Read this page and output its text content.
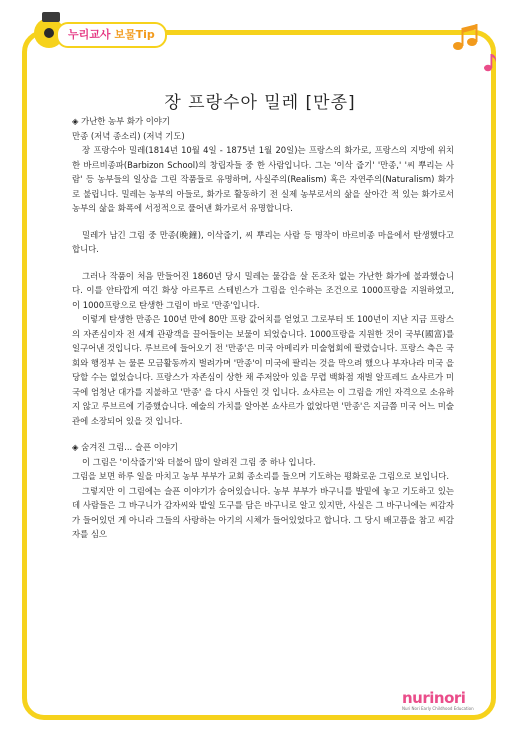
누리교사 보물Tip
장 프랑수아 밀레 [만종]

◈ 가난한 농부 화가 이야기

만종 (저녁 종소리) (저녁 기도)

장 프랑수아 밀레(1814년 10월 4일 - 1875년 1월 20일)는 프랑스의 화가로, 프랑스의 지방에 위치한 바르비종파(Barbizon School)의 창립자들 중 한 사람입니다. 그는 '이삭 줍기' '만종,' '씨 뿌리는 사람' 등 농부들의 일상을 그린 작품들로 유명하며, 사실주의(Realism) 혹은 자연주의(Naturalism) 화가로 불립니다. 밀레는 농부의 아들로, 화가로 활동하기 전 실제 농부로서의 삶을 살아간 적 있는 화가로서 농부의 삶을 화폭에 서정적으로 풀어낸 화가로서 유명합니다.

밀레가 남긴 그림 중 만종(晩鐘), 이삭줍기, 씨 뿌리는 사람 등 명작이 바르비종 마을에서 탄생했다고 합니다.

그러나 작품이 처음 만들어진 1860년 당시 밀레는 물감을 살 돈조차 없는 가난한 화가에 불과했습니다. 이를 안타깝게 여긴 화상 아르투르 스테빈스가 그림을 인수하는 조건으로 1000프랑을 지원하였고, 이 1000프랑으로 탄생한 그림이 바로 '만종'입니다.

이렇게 탄생한 만종은 100년 만에 80만 프랑 값어치를 얻었고 그로부터 또 100년이 지난 지금 프랑스의 자존심이자 전 세계 관광객을 끌어들이는 보물이 되었습니다. 1000프랑을 지원한 것이 국부(國富)를 일구어낸 것입니다. 루브르에 들어오기 전 '만종'은 미국 아메리카 미술협회에 팔렸습니다. 프랑스 측은 국회와 행정부 는 물론 모금활동까지 벌려가며 '만종'이 미국에 팔리는 것을 막으려 했으나 부자나라 미국 을 당할 수는 없었습니다. 프랑스가 자존심이 상한 채 주저앉아 있을 무렵 백화점 재벌 알프레드 쇼샤르가 미국에 엄청난 대가를 지불하고 '만종' 을 다시 사들인 것 입니다. 쇼샤르는 이 그림을 개인 자격으로 소유하지 않고 루브르에 기증했습니다. 예술의 가치를 알아본 쇼샤르가 없었다면 '만종'은 지금쯤 미국 어느 미술관에 소장되어 있을 것 입니다.

◈ 숨겨진 그림... 슬픈 이야기

이 그림은 '이삭줍기'와 더불어 많이 알려진 그림 중 하나 입니다.

그림을 보면 하루 일을 마치고 농부 부부가 교회 종소리를 들으며 기도하는 평화로운 그림으로 보입니다.

그렇지만 이 그림에는 슬픈 이야기가 숨어있습니다. 농부 부부가 바구니를 발밑에 놓고 기도하고 있는데 사람들은 그 바구니가 감자씨와 밭일 도구를 담은 바구니로 알고 있지만, 사실은 그 바구니에는 씨감자가 들어있던 게 아니라 그들의 사랑하는 아기의 시체가 들어있었다고 합니다. 그 당시 배고픔을 참고 씨감자를 심으

nurinori
Nuri Nori Early Childhood Education
